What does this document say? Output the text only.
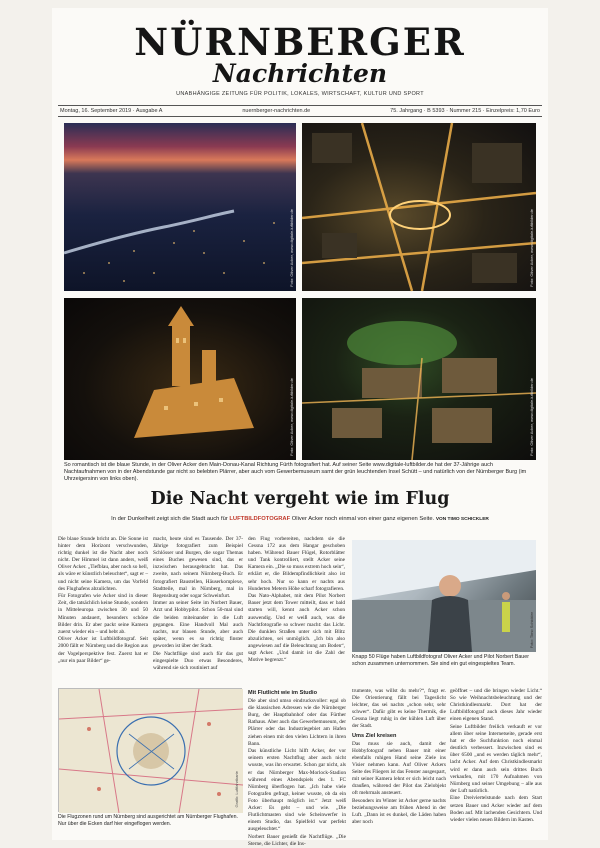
NÜRNBERGER
Nachrichten
UNABHÄNGIGE ZEITUNG FÜR POLITIK, LOKALES, WIRTSCHAFT, KULTUR UND SPORT
Montag, 16. September 2019 · Ausgabe A	nuernberger-nachrichten.de	75. Jahrgang · B 5393 · Nummer 215 · Einzelpreis: 1,70 Euro
Foto: Oliver Acker, www.digitale-luftbilder.de	Foto: Oliver Acker, www.digitale-luftbilder.de
Foto: Oliver Acker, www.digitale-luftbilder.de	Foto: Oliver Acker, www.digitale-luftbilder.de
So romantisch ist die blaue Stunde, in der Oliver Acker den Main-Donau-Kanal Richtung Fürth fotografiert hat. Auf seiner Seite www.digitale-luftbilder.de hat der 37-Jährige auch Nachtaufnahmen von in der Abendstunde gar nicht so belebten Plärrer, aber auch vom Gewerbemuseum samt der grün leuchtenden Insel Schütt – und natürlich von der Nürnberger Burg (im Uhrzeigersinn von links oben).
Die Nacht vergeht wie im Flug
In der Dunkelheit zeigt sich die Stadt auch für LUFTBILDFOTOGRAF Oliver Acker noch einmal von einer ganz eigenen Seite. VON TIMO SCHICKLER

Die blaue Stunde bricht an. Die Sonne ist hinter dem Horizont verschwunden, richtig dunkel ist die Nacht aber noch nicht. Der Himmel ist dann anders, weiß Oliver Acker. „Tiefblau, aber noch so hell, als wäre er künstlich beleuchtet“, sagt er – und nicht seine Kamera, um das Vorfeld des Flughafens abzulichten.

Für Fotografen wie Acker sind in dieser Zeit, die tatsächlich keine Stunde, sondern in Mitteleuropa zwischen 30 und 50 Minuten andauert, besonders schöne Bilder drin. Er aber packt seine Kamera zuerst wieder ein – und hebt ab.

Oliver Acker ist Luftbildfotograf. Seit 2000 fällt er Nürnberg und die Region aus der Vogelperspektive fest. Zuerst hat er „nur ein paar Bilder“ ge-

macht, heute sind es Tausende. Der 37-Jährige fotografiert zum Beispiel Schlösser und Burgen, die sogar Themas eines Buches gewesen sind, das er inzwischen herausgebracht hat. Das zweite, nach seinem Nürnberg-Buch. Er fotografiert Baustellen, Häuserkomplexe, Stadtteile, mal in Nürnberg, mal in Regensburg oder sogar Schweinfurt.

Immer an seiner Seite im Norbert Bauer, Arzt und Hobbypilot. Schon 50-mal sind die beiden miteinander in die Luft gegangen. Eine Handvoll Mal auch nachts, nur blauen Stunde, aber auch später, wenn es so richtig finster geworden ist über der Stadt.

Die Nachtflüge sind auch für das gut eingespielte Duo etwas Besonderes, während sie sich routiniert auf

den Flug vorbereiten, nachdem sie die Cessna 172 aus dem Hangar geschoben haben. Während Bauer Flügel, Rotorblätter und Tank kontrolliert, stellt Acker seine Kamera ein. „Die so muss extrem hoch sein“, erklärt er, die Bildempfindlichkeit also ist sehr hoch. Nur so kann er nachts aus Hunderten Metern Höhe scharf fotografieren.

Das Nato-Alphabet, mit dem Pilot Norbert Bauer jetzt dem Tower mitteilt, dass er bald starten will, kennt auch Acker schon auswendig. Und er weiß auch, was die Nachtfotografie so schwer macht: das Licht. Die dunklen Straßen unter sich mit Blitz abzulichten, sei unmöglich. „Ich bin also angewiesen auf die Beleuchtung am Boden“, sagt Acker. „Und damit ist die Zahl der Motive begrenzt.“

Foto: Timo Schickler
Knapp 50 Flüge haben Luftbildfotograf Oliver Acker und Pilot Norbert Bauer schon zusammen unternommen. Sie sind ein gut eingespieltes Team.
Grafik: Luftfahrtkarte
Die Flugzonen rund um Nürnberg sind ausgerichtet am Nürnberger Flughafen. Nur über die Ecken darf hier eingeflogen werden.
Mit Flutlicht wie im Studio

Die aber sind umso eindrucksvoller: egal ob die klassischen Adressen wie die Nürnberger Burg, der Hauptbahnhof oder das Fürther Rathaus. Aber auch das Gewerbemuseum, der Plärrer oder das Industriegebiet am Hafen ziehen einen mit den vielen Lichtern in ihren Bann.

Das künstliche Licht hilft Acker, der vor seinem ersten Nachtflug aber auch nicht wusste, was ihn erwartet. Schon gar nicht, als er das Nürnberger Max-Morlock-Stadion während eines Abendspiels des 1. FC Nürnberg überflogen hat. „Ich habe viele Fotografen gefragt, keiner wusste, ob da ein Foto überhaupt möglich ist.“ Jetzt weiß Acker: Es geht – und wie. „Die Flutlichtmasten sind wie Scheinwerfer in einem Studio, das Spielfeld war perfekt ausgeleuchtet.“

Norbert Bauer genießt die Nachtflüge. „Die Sterne, die Lichter, die Ins-

trumente, was willst du mehr?“, fragt er. Die Orientierung fällt bei Tageslicht leichter, das sei nachts „schon sehr, sehr schwer“. Dafür gibt es keine Thermik, die Cessna liegt ruhig in der kühlen Luft über der Stadt.

Ums Ziel kreisen

Das muss sie auch, damit der Hobbyfotograf neben Bauer mit einer ebenfalls ruhigen Hand seine Ziele ins Visier nehmen kann. Auf Oliver Ackers Seite des Fliegers ist das Fenster ausgespart, mit seiner Kamera lehnt er sich leicht nach draußen, während der Pilot das Zielobjekt oft mehrmals ansteuert.

Besonders im Winter ist Acker gerne nachts beziehungsweise am frühen Abend in der Luft. „Dann ist es dunkel, die Läden haben aber noch

geöffnet – und die bringen wieder Licht.“ So wie Weihnachtsbeleuchtung und der Christkindlesmarkt. Dort hat der Luftbildfotograf auch dieses Jahr wieder einen eigenen Stand.

Seine Luftbilder freilich verkauft er vor allem über seine Internetseite, gerade erst hat er die Suchfunktion noch einmal deutlich verbessert. Inzwischen sind es über 6500 „und es werden täglich mehr“, lacht Acker. Auf dem Christkindlesmarkt wird er dann auch sein drittes Buch verkaufen, mit 170 Aufnahmen von Nürnberg und seiner Umgebung – alle aus der Luft natürlich.

Eine Dreiviertelstunde nach dem Start setzen Bauer und Acker wieder auf dem Boden auf. Mit lachenden Gesichtern. Und wieder vielen neuen Bildern im Kasten.
